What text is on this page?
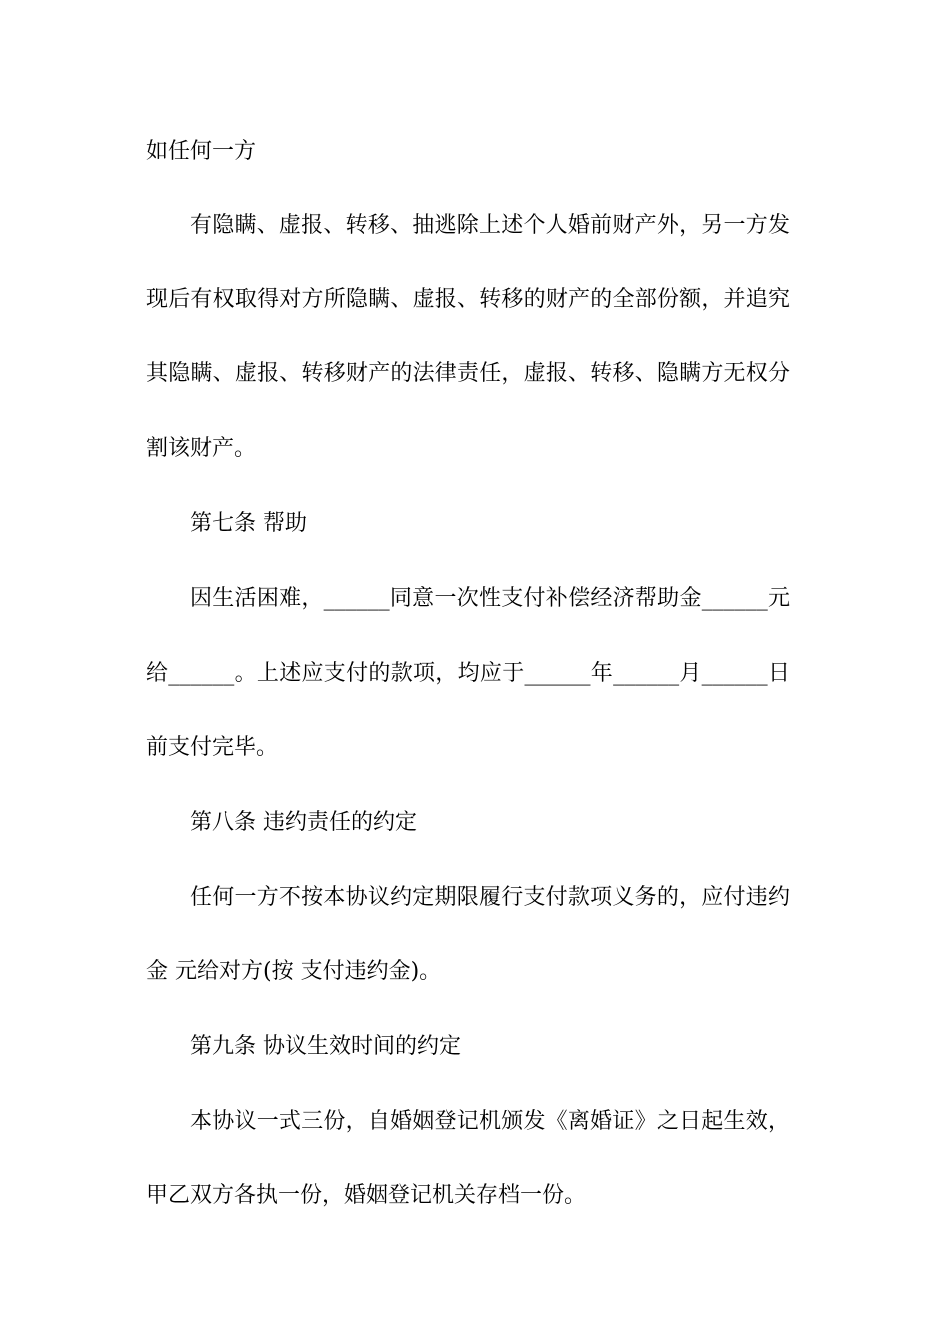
如任何一方
有隐瞒、虚报、转移、抽逃除上述个人婚前财产外，另一方发
现后有权取得对方所隐瞒、虚报、转移的财产的全部份额，并追究
其隐瞒、虚报、转移财产的法律责任，虚报、转移、隐瞒方无权分
割该财产。
第七条 帮助
因生活困难，______同意一次性支付补偿经济帮助金______元
给______。上述应支付的款项，均应于______年______月______日
前支付完毕。
第八条 违约责任的约定
任何一方不按本协议约定期限履行支付款项义务的，应付违约
金 元给对方(按 支付违约金)。
第九条 协议生效时间的约定
本协议一式三份，自婚姻登记机颁发《离婚证》之日起生效，
甲乙双方各执一份，婚姻登记机关存档一份。
